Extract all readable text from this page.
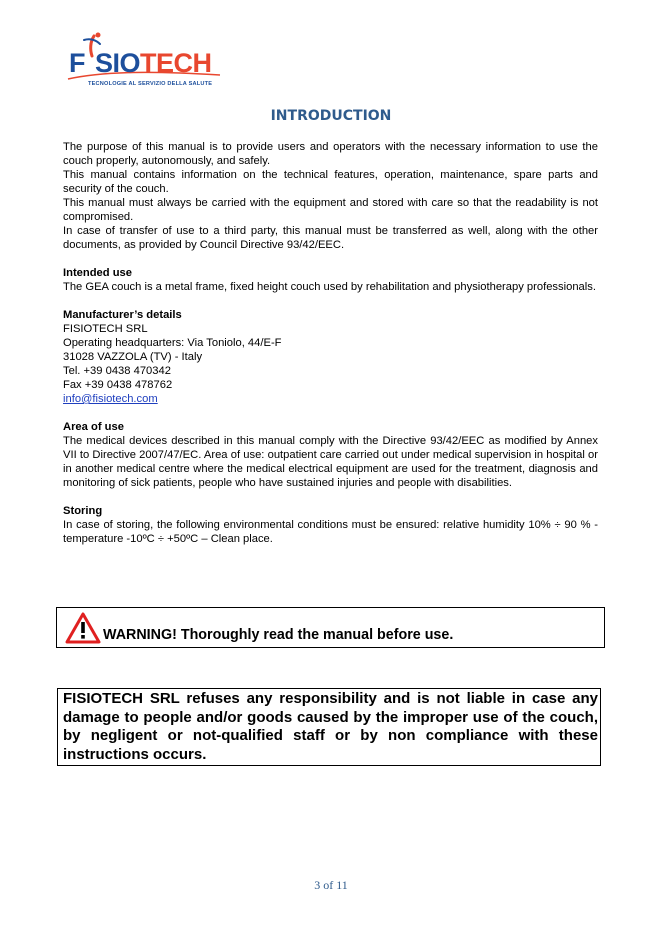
F SIOTECH
TECNOLOGIE AL SERVIZIO DELLA SALUTE
INTRODUCTION

The purpose of this manual is to provide users and operators with the necessary information to use the couch properly, autonomously, and safely.

This manual contains information on the technical features, operation, maintenance, spare parts and security of the couch.

This manual must always be carried with the equipment and stored with care so that the readability is not compromised.

In case of transfer of use to a third party, this manual must be transferred as well, along with the other documents, as provided by Council Directive 93/42/EEC.

Intended use

The GEA couch is a metal frame, fixed height couch used by rehabilitation and physiotherapy professionals.

Manufacturer’s details

FISIOTECH SRL

Operating headquarters: Via Toniolo, 44/E-F

31028 VAZZOLA (TV) - Italy

Tel. +39 0438 470342

Fax +39 0438 478762

info@fisiotech.com

Area of use

The medical devices described in this manual comply with the Directive 93/42/EEC as modified by Annex VII to Directive 2007/47/EC. Area of use: outpatient care carried out under medical supervision in hospital or in another medical centre where the medical electrical equipment are used for the treatment, diagnosis and monitoring of sick patients, people who have sustained injuries and people with disabilities.

Storing

In case of storing, the following environmental conditions must be ensured: relative humidity 10% ÷ 90 % - temperature -10ºC ÷ +50ºC – Clean place.

WARNING! Thoroughly read the manual before use.
FISIOTECH SRL refuses any responsibility and is not liable in case any damage to people and/or goods caused by the improper use of the couch, by negligent or not-qualified staff or by non compliance with these instructions occurs.
3 of 11
